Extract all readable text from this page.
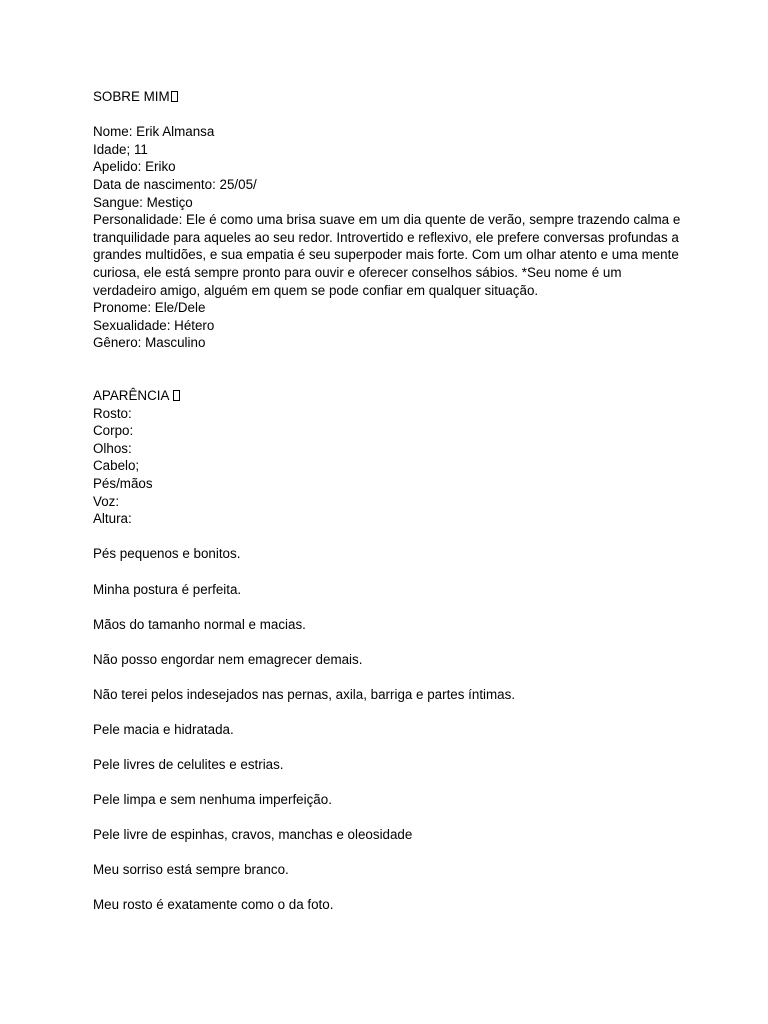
SOBRE MIM
Nome: Erik Almansa
Idade; 11
Apelido: Eriko
Data de nascimento: 25/05/
Sangue: Mestiço
Personalidade: Ele é como uma brisa suave em um dia quente de verão, sempre trazendo calma e tranquilidade para aqueles ao seu redor. Introvertido e reflexivo, ele prefere conversas profundas a grandes multidões, e sua empatia é seu superpoder mais forte. Com um olhar atento e uma mente curiosa, ele está sempre pronto para ouvir e oferecer conselhos sábios. *Seu nome é um verdadeiro amigo, alguém em quem se pode confiar em qualquer situação.
Pronome: Ele/Dele
Sexualidade: Hétero
Gênero: Masculino
APARÊNCIA
Rosto:
Corpo:
Olhos:
Cabelo;
Pés/mãos
Voz:
Altura:
Pés pequenos e bonitos.
Minha postura é perfeita.
Mãos do tamanho normal e macias.
Não posso engordar nem emagrecer demais.
Não terei pelos indesejados nas pernas, axila, barriga e partes íntimas.
Pele macia e hidratada.
Pele livres de celulites e estrias.
Pele limpa e sem nenhuma imperfeição.
Pele livre de espinhas, cravos, manchas e oleosidade
Meu sorriso está sempre branco.
Meu rosto é exatamente como o da foto.
